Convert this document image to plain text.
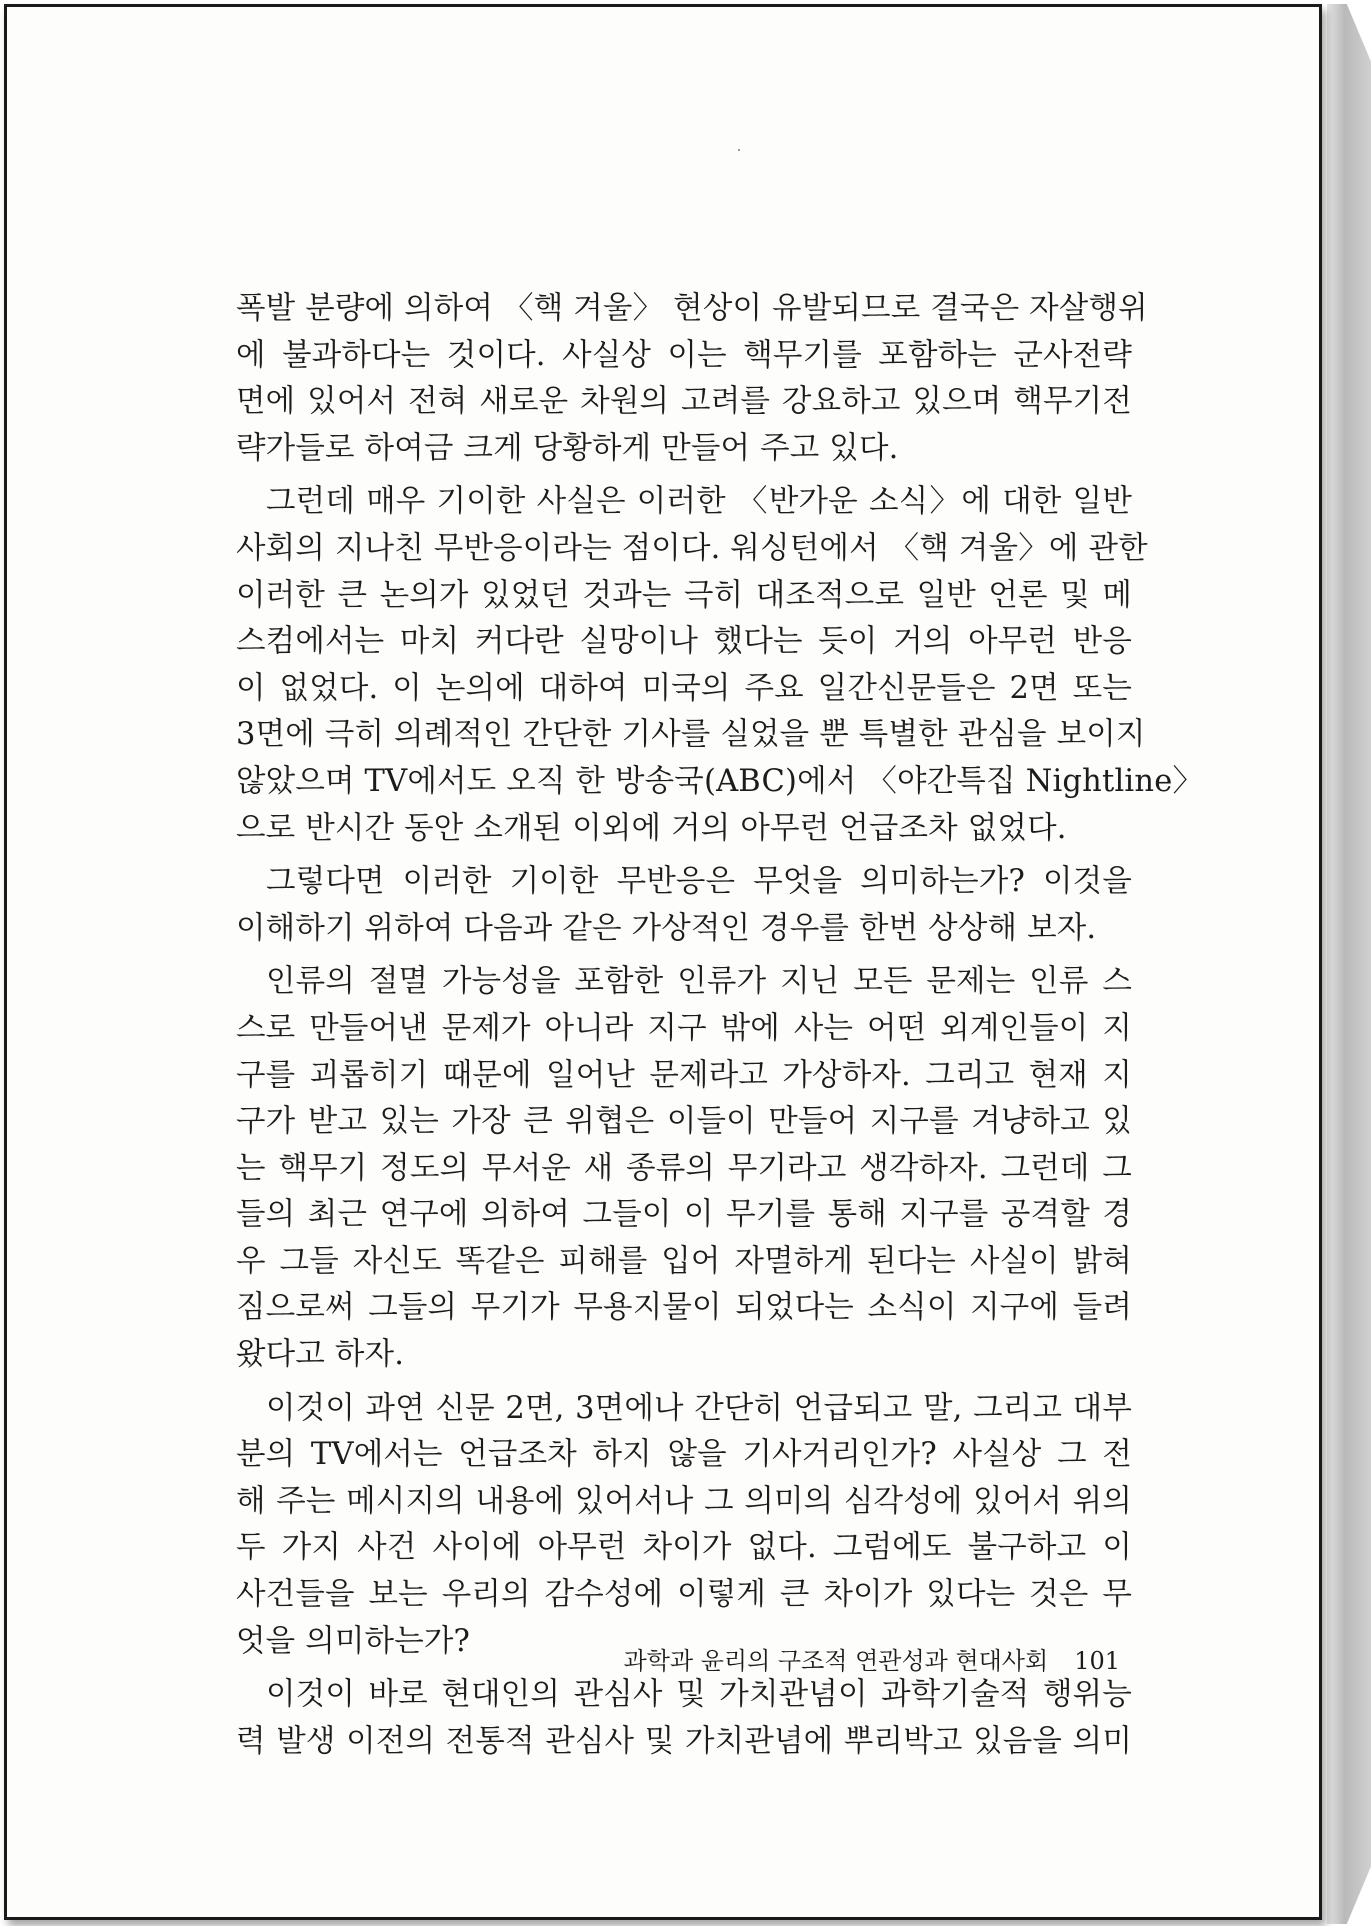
폭발 분량에 의하여 〈핵 겨울〉 현상이 유발되므로 결국은 자살행위
에 불과하다는 것이다. 사실상 이는 핵무기를 포함하는 군사전략
면에 있어서 전혀 새로운 차원의 고려를 강요하고 있으며 핵무기전
략가들로 하여금 크게 당황하게 만들어 주고 있다.

그런데 매우 기이한 사실은 이러한 〈반가운 소식〉에 대한 일반
사회의 지나친 무반응이라는 점이다. 워싱턴에서 〈핵 겨울〉에 관한
이러한 큰 논의가 있었던 것과는 극히 대조적으로 일반 언론 및 메
스컴에서는 마치 커다란 실망이나 했다는 듯이 거의 아무런 반응
이 없었다. 이 논의에 대하여 미국의 주요 일간신문들은 2면 또는
3면에 극히 의례적인 간단한 기사를 실었을 뿐 특별한 관심을 보이지
않았으며 TV에서도 오직 한 방송국(ABC)에서 〈야간특집 Nightline〉
으로 반시간 동안 소개된 이외에 거의 아무런 언급조차 없었다.

그렇다면 이러한 기이한 무반응은 무엇을 의미하는가? 이것을
이해하기 위하여 다음과 같은 가상적인 경우를 한번 상상해 보자.

인류의 절멸 가능성을 포함한 인류가 지닌 모든 문제는 인류 스
스로 만들어낸 문제가 아니라 지구 밖에 사는 어떤 외계인들이 지
구를 괴롭히기 때문에 일어난 문제라고 가상하자. 그리고 현재 지
구가 받고 있는 가장 큰 위협은 이들이 만들어 지구를 겨냥하고 있
는 핵무기 정도의 무서운 새 종류의 무기라고 생각하자. 그런데 그
들의 최근 연구에 의하여 그들이 이 무기를 통해 지구를 공격할 경
우 그들 자신도 똑같은 피해를 입어 자멸하게 된다는 사실이 밝혀
짐으로써 그들의 무기가 무용지물이 되었다는 소식이 지구에 들려
왔다고 하자.

이것이 과연 신문 2면, 3면에나 간단히 언급되고 말, 그리고 대부
분의 TV에서는 언급조차 하지 않을 기사거리인가? 사실상 그 전
해 주는 메시지의 내용에 있어서나 그 의미의 심각성에 있어서 위의
두 가지 사건 사이에 아무런 차이가 없다. 그럼에도 불구하고 이
사건들을 보는 우리의 감수성에 이렇게 큰 차이가 있다는 것은 무
엇을 의미하는가?

이것이 바로 현대인의 관심사 및 가치관념이 과학기술적 행위능
력 발생 이전의 전통적 관심사 및 가치관념에 뿌리박고 있음을 의미

과학과 윤리의 구조적 연관성과 현대사회 101
